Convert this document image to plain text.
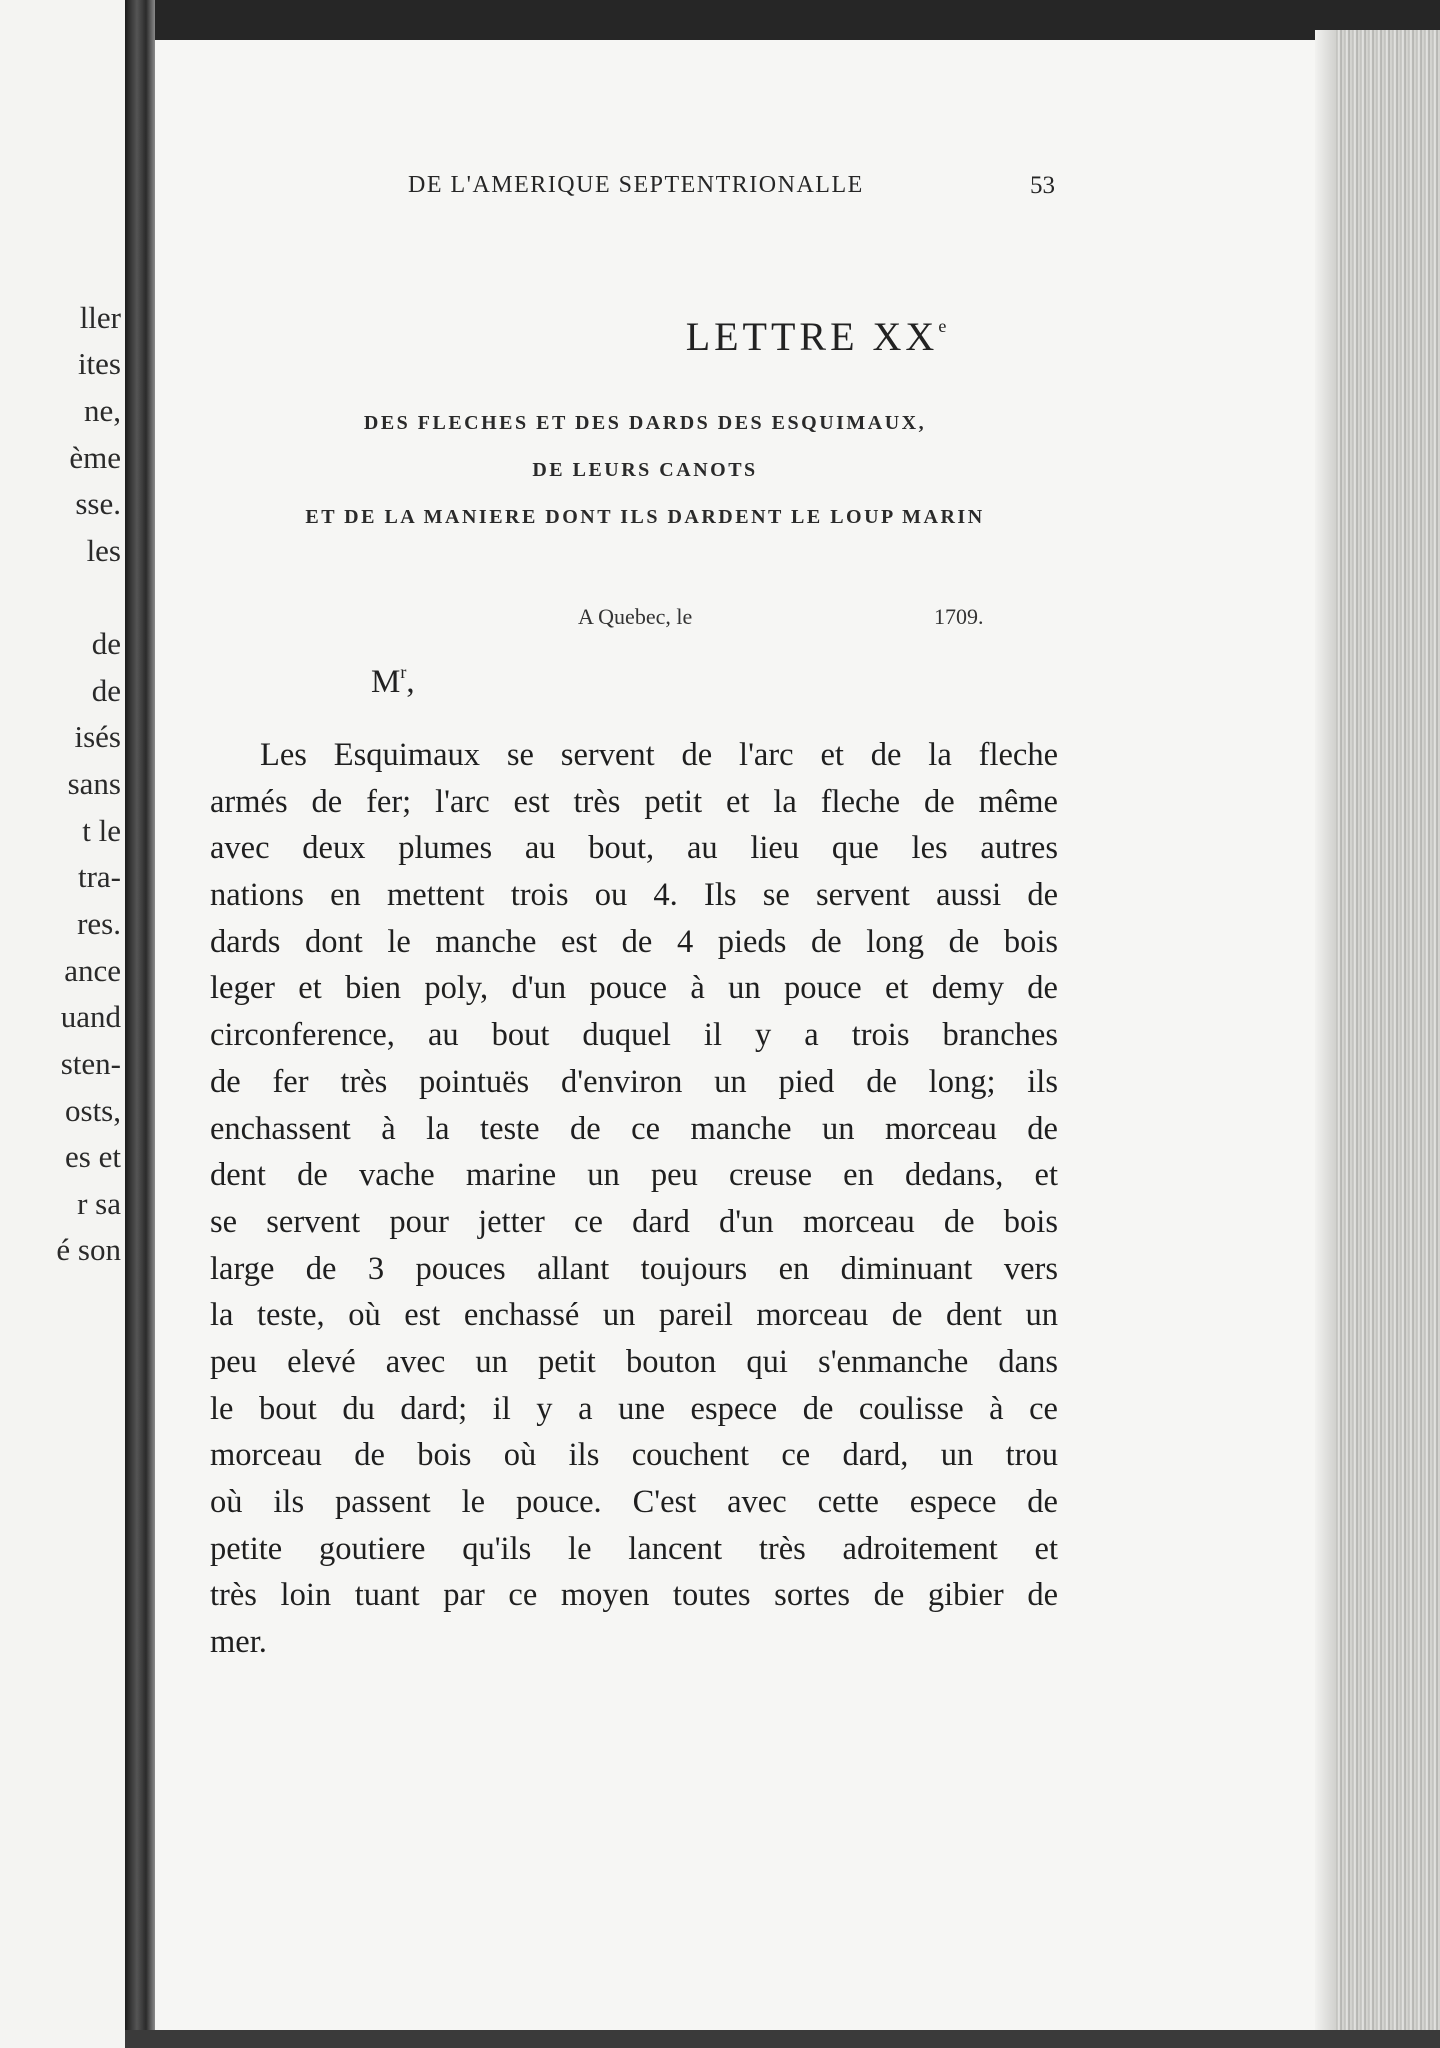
ller
ites
ne,
ème
sse.
les
de
de
isés
sans
t le
tra-
res.
ance
uand
sten-
osts,
es et
r sa
é son
DE L'AMERIQUE SEPTENTRIONALLE	53
LETTRE XXe
DES FLECHES ET DES DARDS DES ESQUIMAUX,
DE LEURS CANOTS
ET DE LA MANIERE DONT ILS DARDENT LE LOUP MARIN
A Quebec, le	1709.
$M^r$,
Les Esquimaux se servent de l'arc et de la fleche
armés de fer; l'arc est très petit et la fleche de même
avec deux plumes au bout, au lieu que les autres
nations en mettent trois ou 4. Ils se servent aussi de
dards dont le manche est de 4 pieds de long de bois
leger et bien poly, d'un pouce à un pouce et demy de
circonference, au bout duquel il y a trois branches
de fer très pointuës d'environ un pied de long; ils
enchassent à la teste de ce manche un morceau de
dent de vache marine un peu creuse en dedans, et
se servent pour jetter ce dard d'un morceau de bois
large de 3 pouces allant toujours en diminuant vers
la teste, où est enchassé un pareil morceau de dent un
peu elevé avec un petit bouton qui s'enmanche dans
le bout du dard; il y a une espece de coulisse à ce
morceau de bois où ils couchent ce dard, un trou
où ils passent le pouce. C'est avec cette espece de
petite goutiere qu'ils le lancent très adroitement et
très loin tuant par ce moyen toutes sortes de gibier de
mer.
